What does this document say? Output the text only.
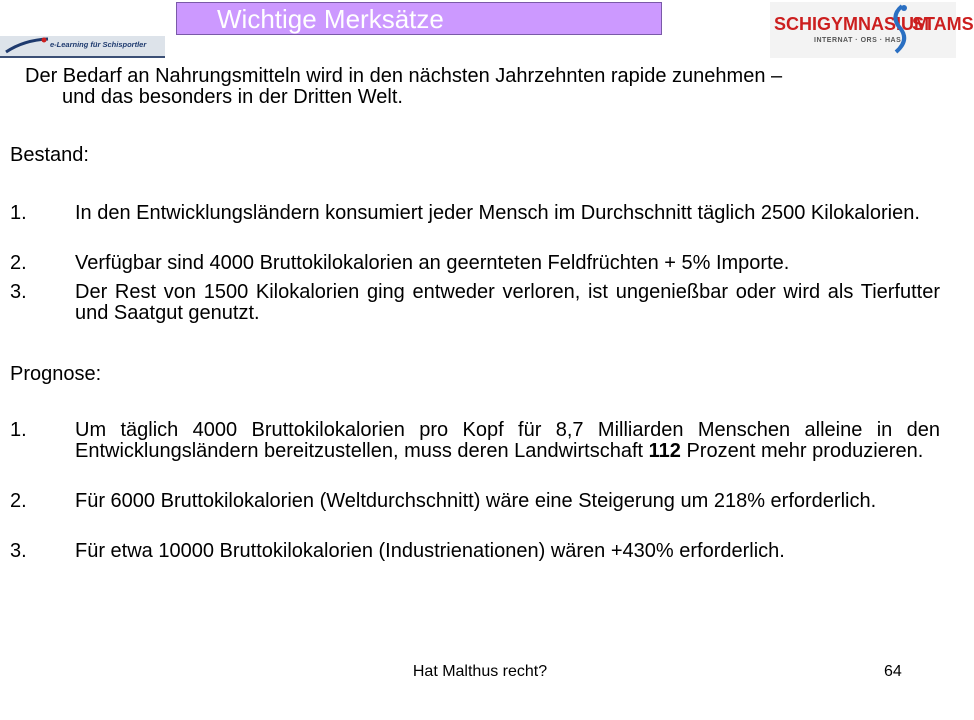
Wichtige Merksätze
e-Learning für Schisportler
SCHIGYMNASIUM
STAMS
INTERNAT · ORS · HAS
Der Bedarf an Nahrungsmitteln wird in den nächsten Jahrzehnten rapide zunehmen –
und das besonders in der Dritten Welt.
Bestand:
1. In den Entwicklungsländern konsumiert jeder Mensch im Durchschnitt täglich 2500 Kilokalorien.
2. Verfügbar sind 4000 Bruttokilokalorien an geernteten Feldfrüchten + 5% Importe.
3. Der Rest von 1500 Kilokalorien ging entweder verloren, ist ungenießbar oder wird als Tierfutter und Saatgut genutzt.
Prognose:
1. Um täglich 4000 Bruttokilokalorien pro Kopf für 8,7 Milliarden Menschen alleine in den Entwicklungsländern bereitzustellen, muss deren Landwirtschaft 112 Prozent mehr produzieren.
2. Für 6000 Bruttokilokalorien (Weltdurchschnitt) wäre eine Steigerung um 218% erforderlich.
3. Für etwa 10000 Bruttokilokalorien (Industrienationen) wären +430% erforderlich.
Hat Malthus recht?	64
